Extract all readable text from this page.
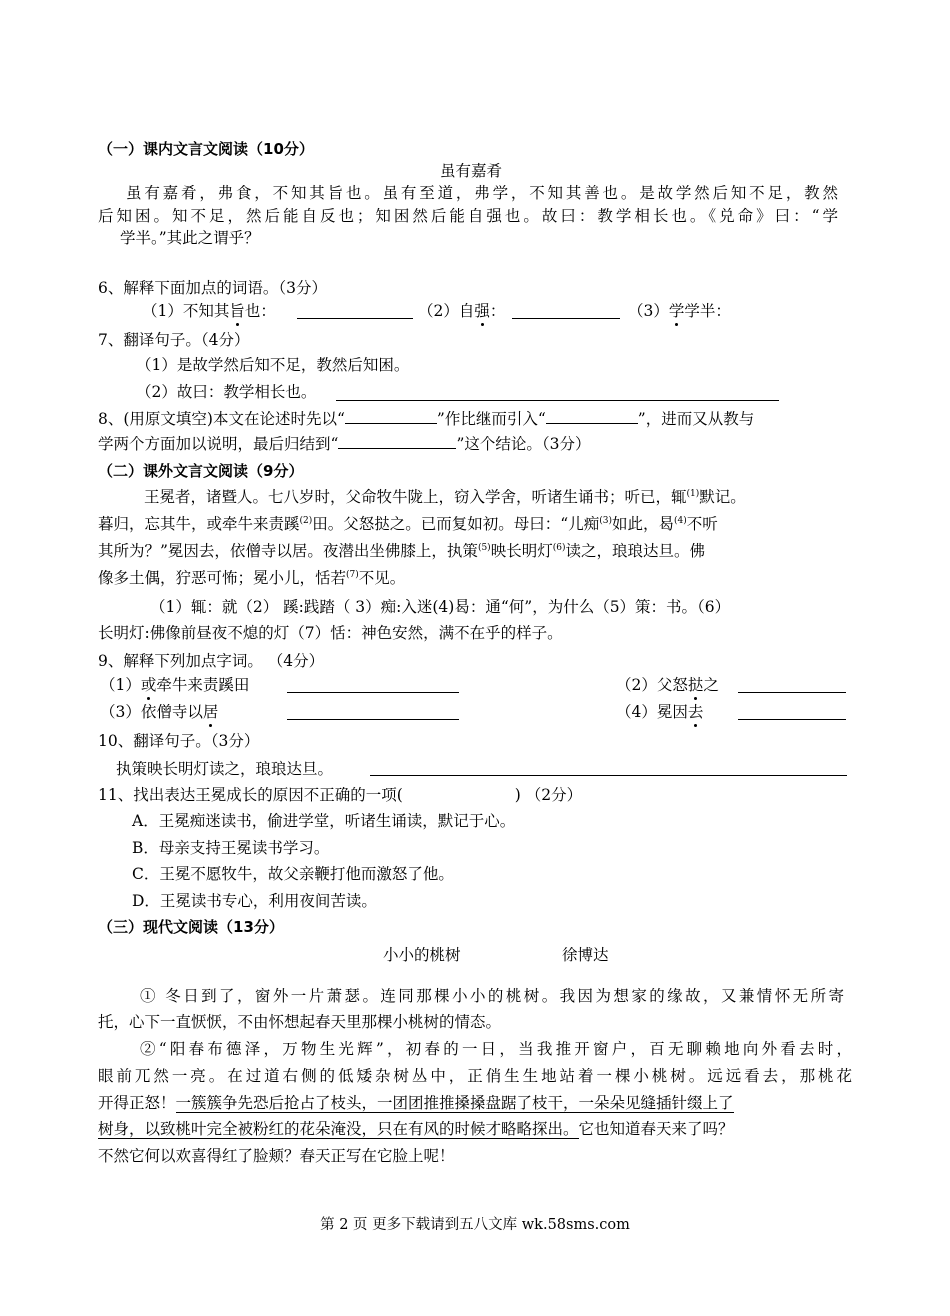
（一）课内文言文阅读（10分）
虽有嘉肴
虽有嘉肴，弗食，不知其旨也。虽有至道，弗学，不知其善也。是故学然后知不足，教然
后知困。知不足，然后能自反也；知困然后能自强也。故曰：教学相长也。《兑命》曰：“学
学半。”其此之谓乎？
6、解释下面加点的词语。（3分）
（1）不知其旨也：	（2）自强：	（3）学学半：
7、翻译句子。（4分）
（1）是故学然后知不足，教然后知困。
（2）故曰：教学相长也。
8、(用原文填空)本文在论述时先以“	”作比继而引入“	”，进而又从教与
学两个方面加以说明，最后归结到“	”这个结论。（3分）
（二）课外文言文阅读（9分）
王冕者，诸暨人。七八岁时，父命牧牛陇上，窃入学舍，听诸生诵书；听已，辄$^{(1)}$默记。
暮归，忘其牛，或牵牛来责蹊$^{(2)}$田。父怒挞之。已而复如初。母曰：“儿痴$^{(3)}$如此，曷$^{(4)}$不听
其所为？”冕因去，依僧寺以居。夜潜出坐佛膝上，执策$^{(5)}$映长明灯$^{(6)}$读之，琅琅达旦。佛
像多土偶，狞恶可怖；冕小儿，恬若$^{(7)}$不见。
（1）辄：就（2） 蹊:践踏（ 3）痴:入迷(4)曷：通“何”，为什么（5）策：书。（6）
长明灯:佛像前昼夜不熄的灯（7）恬：神色安然，满不在乎的样子。
9、解释下列加点字词。 （4分）
（1）或牵牛来责蹊田	（2）父怒挞之
（3）依僧寺以居	（4）冕因去
10、翻译句子。（3分）
执策映长明灯读之，琅琅达旦。
11、找出表达王冕成长的原因不正确的一项(	) （2分）
A．王冕痴迷读书，偷进学堂，听诸生诵读，默记于心。
B．母亲支持王冕读书学习。
C．王冕不愿牧牛，故父亲鞭打他而激怒了他。
D．王冕读书专心，利用夜间苦读。
（三）现代文阅读（13分）
小小的桃树	徐博达
① 冬日到了，窗外一片萧瑟。连同那棵小小的桃树。我因为想家的缘故，又兼情怀无所寄
托，心下一直恹恹，不由怀想起春天里那棵小桃树的情态。
②“阳春布德泽，万物生光辉”，初春的一日，当我推开窗户，百无聊赖地向外看去时，
眼前兀然一亮。在过道右侧的低矮杂树丛中，正俏生生地站着一棵小桃树。远远看去，那桃花
开得正怒！一簇簇争先恐后抢占了枝头，一团团推推搡搡盘踞了枝干，一朵朵见缝插针缀上了
树身，以致桃叶完全被粉红的花朵淹没，只在有风的时候才略略探出。它也知道春天来了吗？
不然它何以欢喜得红了脸颊？春天正写在它脸上呢！
第 2 页 更多下载请到五八文库 wk.58sms.com
